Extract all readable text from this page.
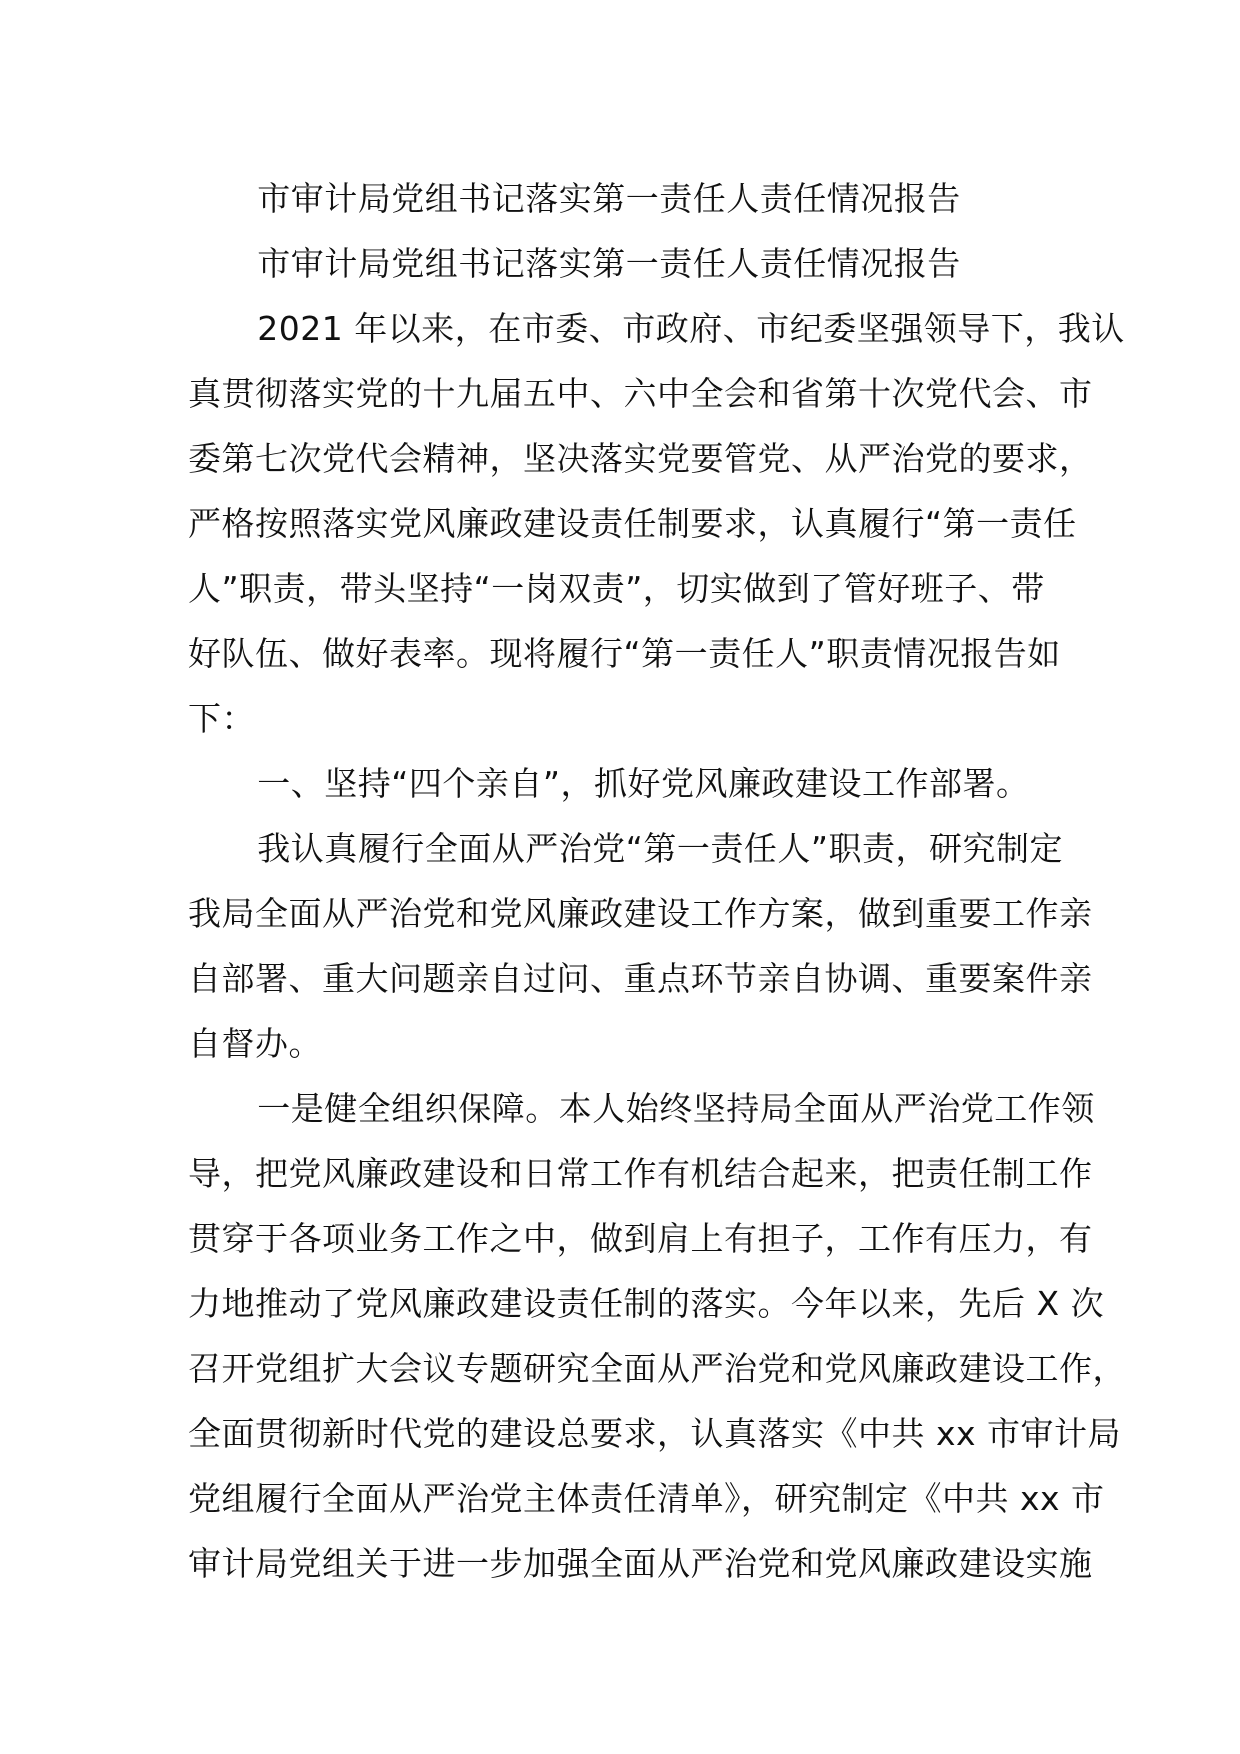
市审计局党组书记落实第一责任人责任情况报告

市审计局党组书记落实第一责任人责任情况报告

2021 年以来，在市委、市政府、市纪委坚强领导下，我认
真贯彻落实党的十九届五中、六中全会和省第十次党代会、市
委第七次党代会精神，坚决落实党要管党、从严治党的要求，
严格按照落实党风廉政建设责任制要求，认真履行“第一责任
人”职责，带头坚持“一岗双责”，切实做到了管好班子、带
好队伍、做好表率。现将履行“第一责任人”职责情况报告如
下：

一、坚持“四个亲自”，抓好党风廉政建设工作部署。

我认真履行全面从严治党“第一责任人”职责，研究制定
我局全面从严治党和党风廉政建设工作方案，做到重要工作亲
自部署、重大问题亲自过问、重点环节亲自协调、重要案件亲
自督办。

一是健全组织保障。本人始终坚持局全面从严治党工作领
导，把党风廉政建设和日常工作有机结合起来，把责任制工作
贯穿于各项业务工作之中，做到肩上有担子，工作有压力，有
力地推动了党风廉政建设责任制的落实。今年以来，先后 X 次
召开党组扩大会议专题研究全面从严治党和党风廉政建设工作，
全面贯彻新时代党的建设总要求，认真落实《中共 xx 市审计局
党组履行全面从严治党主体责任清单》，研究制定《中共 xx 市
审计局党组关于进一步加强全面从严治党和党风廉政建设实施
